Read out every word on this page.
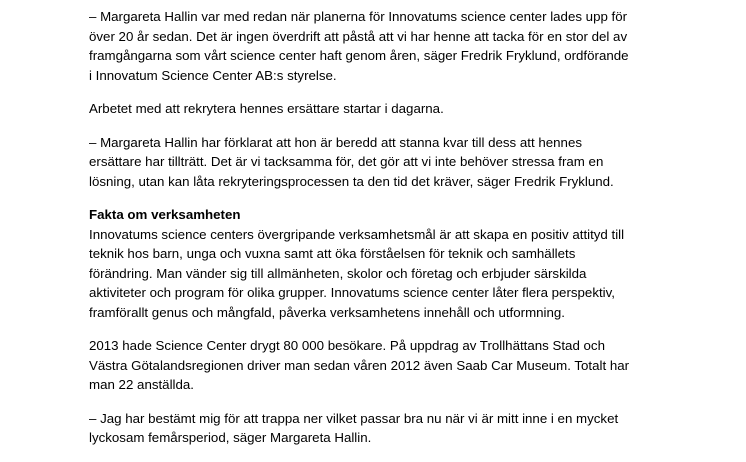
– Margareta Hallin var med redan när planerna för Innovatums science center lades upp för
över 20 år sedan. Det är ingen överdrift att påstå att vi har henne att tacka för en stor del av
framgångarna som vårt science center haft genom åren, säger Fredrik Fryklund, ordförande
i Innovatum Science Center AB:s styrelse.

Arbetet med att rekrytera hennes ersättare startar i dagarna.

– Margareta Hallin har förklarat att hon är beredd att stanna kvar till dess att hennes
ersättare har tillträtt. Det är vi tacksamma för, det gör att vi inte behöver stressa fram en
lösning, utan kan låta rekryteringsprocessen ta den tid det kräver, säger Fredrik Fryklund.

Fakta om verksamheten

Innovatums science centers övergripande verksamhetsmål är att skapa en positiv attityd till
teknik hos barn, unga och vuxna samt att öka förståelsen för teknik och samhällets
förändring. Man vänder sig till allmänheten, skolor och företag och erbjuder särskilda
aktiviteter och program för olika grupper. Innovatums science center låter flera perspektiv,
framförallt genus och mångfald, påverka verksamhetens innehåll och utformning.

2013 hade Science Center drygt 80 000 besökare. På uppdrag av Trollhättans Stad och
Västra Götalandsregionen driver man sedan våren 2012 även Saab Car Museum. Totalt har
man 22 anställda.

– Jag har bestämt mig för att trappa ner vilket passar bra nu när vi är mitt inne i en mycket
lyckosam femårsperiod, säger Margareta Hallin.
